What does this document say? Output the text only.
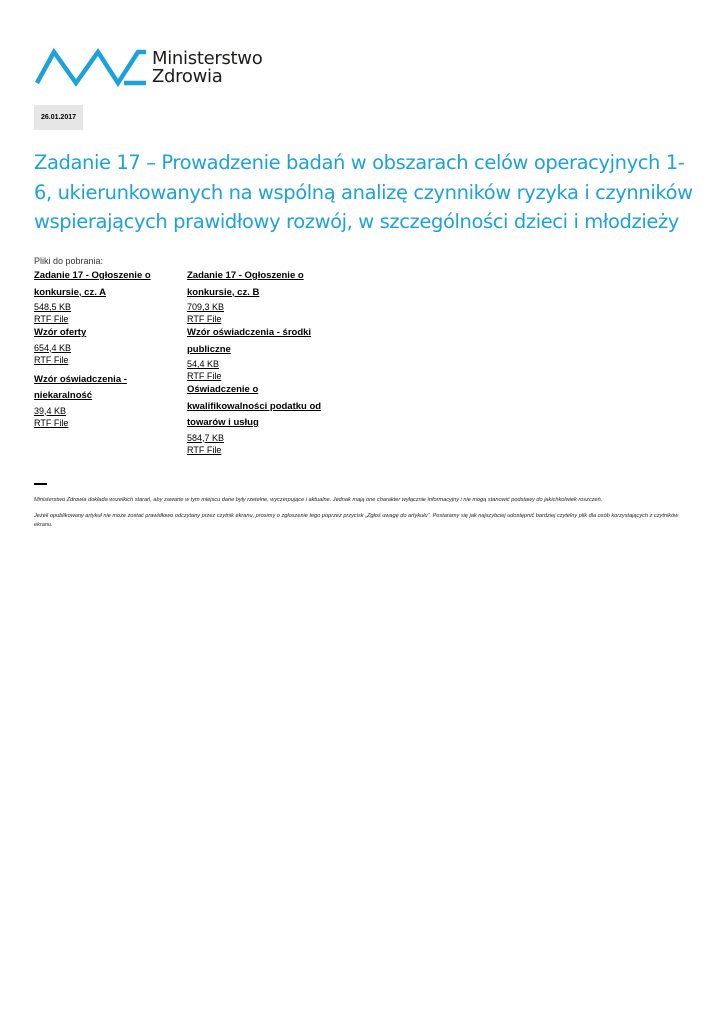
Ministerstwo
Zdrowia
26.01.2017
Zadanie 17 – Prowadzenie badań w obszarach celów operacyjnych 1-6, ukierunkowanych na wspólną analizę czynników ryzyka i czynników wspierających prawidłowy rozwój, w szczególności dzieci i młodzieży
Pliki do pobrania:
Zadanie 17 - Ogłoszenie o konkursie, cz. A
548,5 KB
RTF File
Wzór oferty
654,4 KB
RTF File
Wzór oświadczenia - niekaralność
39,4 KB
RTF File
Zadanie 17 - Ogłoszenie o konkursie, cz. B
709,3 KB
RTF File
Wzór oświadczenia - środki publiczne
54,4 KB
RTF File
Oświadczenie o kwalifikowalności podatku od towarów i usług
584,7 KB
RTF File

Ministerstwo Zdrowia dokłada wszelkich starań, aby zawarte w tym miejscu dane były rzetelne, wyczerpujące i aktualne. Jednak mają one charakter wyłącznie informacyjny i nie mogą stanowić podstawy do jakichkolwiek roszczeń.

Jeżeli opublikowany artykuł nie może zostać prawidłowo odczytany przez czytnik ekranu, prosimy o zgłoszenie tego poprzez przycisk „Zgłoś uwagę do artykułu”. Postaramy się jak najszybciej udostępnić bardziej czytelny plik dla osób korzystających z czytników ekranu.
